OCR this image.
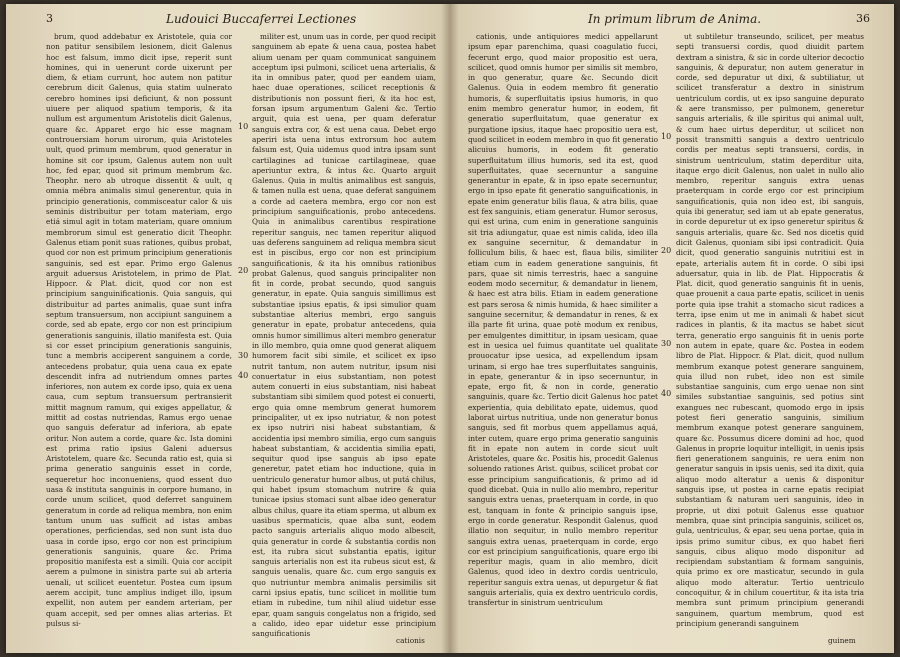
3	Ludouici Buccaferrei Lectiones

brum, quod addebatur ex Aristotele, quia cor non patitur sensibilem lesionem, dicit Galenus hoc est falsum, immo dicit ipse, reperit sunt homines, qui in uenerunt corde uixerunt per diem, & etiam currunt, hoc autem non patitur cerebrum dicit Galenus, quia statim uulnerato cerebro homines ipsi deficiunt, & non possunt uiuere per aliquod spatium temporis, & ita nullum est argumentum Aristotelis dicit Galenus, quare &c. Apparet ergo hic esse magnam controuersiam horum uirorum, quia Aristoteles uult, quod primum membrum, quod generatur in homine sit cor ipsum, Galenus autem non uult hoc, fed epar, quod sit primum membrum &c. Theophr. nero ab utroque dissentit & uult, q omnia mébra animalis simul generentur, quia in principio generationis, commisceatur calor & uis seminis distribuitur per totam materiam, ergo etiá simul agit in totam materiam, quare omnium membrorum simul est generatio dicit Theophr. Galenus etiam ponit suas rationes, quibus probat, quod cor non est primum principium generationis sanguinis, sed est epar. Primo ergo Galenus arguit aduersus Aristotelem, in primo de Plat. Hippocr. & Plat. dicit, quod cor non est principium sanguinificationis. Quia sanguis, qui distribuitur ad partes animalis, quae sunt infra septum transuersum, non accipiunt sanguinem a corde, sed ab epate, ergo cor non est principium generationis sanguinis, illatio manifesta est. Quia si cor esset principium generationis sanguinis, tunc a membris acciperent sanguinem a corde, antecedens probatur, quia uena caua ex epate descendit infra ad nutriendum omnes partes inferiores, non autem ex corde ipso, quia ex uena caua, cum septum transuersum pertransierit mittit magnum ramum, qui exiges appellatur, & mittit ad costas nutriendas, Ramus ergo uenae quo sanguis deferatur ad inferiora, ab epate oritur. Non autem a corde, quare &c. Ista domini est prima ratio ipsius Galeni aduersus Aristotelem, quare &c. Secunda ratio est, quia si prima generatio sanguinis esset in corde, sequeretur hoc inconueniens, quod essent duo uasa & instituta sanguinis in corpore humano, in corde unum scilicet, quod deferret sanguinem generatum in corde ad reliqua membra, non enim tantum unum uas sufficit ad istas ambas operationes, perficiendas, sed non sunt ista duo uasa in corde ipso, ergo cor non est principium generationis sanguinis, quare &c. Prima propositio manifesta est a simili. Quia cor accipit aerem a pulmone in sinistra parte sui ab arteria uenali, ut scilicet euentetur. Postea cum ipsum aerem accipit, tunc amplius indiget illo, ipsum expellit, non autem per eandem arteriam, per quam accepit, sed per omnes alias arterias. Et pulsus si-

10
20
30
40

militer est, unum uas in corde, per quod recipit sanguinem ab epate & uena caua, postea habet alium uenam per quam communicat sanguinem acceptum ipsi pulmoni, scilicet uena arterialis, & ita in omnibus pater, quod per eandem uiam, haec duae operationes, scilicet receptionis & distributionis non possunt fieri, & ita hoc est, forsan ipsum argumentum Galeni &c. Tertio arguit, quia est uena, per quam deferatur sanguis extra cor, & est uena caua. Debet ergo aperiri ista uena intus extrorsum hoc autem falsum est, Quia uidemus quod intra ipsam sunt cartilagines ad tunicae cartilagineae, quae aperiuntur extra, & intus &c. Quarto arguit Galenus. Quia in multis animalibus est sanguis, & tamen nulla est uena, quae deferat sanguinem a corde ad caetera membra, ergo cor non est principium sanguificationis, probo antecedens. Quia in animalibus carentibus respiratione reperitur sanguis, nec tamen reperitur aliquod uas deferens sanguinem ad reliqua membra sicut est in piscibus, ergo cor non est principium sanguificationis, & ita his omnibus rationibus probat Galenus, quod sanguis principaliter non fit in corde, probat secundo, quod sanguis generatur, in epate. Quia sanguis simillimus est substantiae ipsius epatis, & ipsi simulior quam substantiae alterius membri, ergo sanguis generatur in epate, probatur antecedens, quia omnis humor simillimus alteri membro generatur in illo membro, quia omne quod generat aliquem humorem facit sibi simile, et scilicet ex ipso nutrit tantum, non autem nutritur, ipsum nisi conuertatur in eius substantiam, non potest autem conuerti in eius substantiam, nisi habeat substantiam sibi similem quod potest ei conuerti, ergo quia omne membrum generat humorem principaliter, ut ex ipso nutriatur, & non potest ex ipso nutriri nisi habeat substantiam, & accidentia ipsi membro similia, ergo cum sanguis habeat substantiam, & accidentia similia epati, sequitur quod ipse sanguis ab ipso epate generetur, patet etiam hoc inductione, quia in uentriculo generatur humor albus, ut putá chilus, qui habet ipsum stomachum nutrire & quia tunicae ipsius stomaci sunt albae ideo generatur albus chilus, quare ita etiam sperma, ut album ex uasibus spermaticis, quae alba sunt, eodem pacto sanguis arterialis aliquo modo albescit, quia generatur in corde & substantia cordis non est, ita rubra sicut substantia epatis, igitur sanguis arterialis non est ita rubeus sicut est, & sanguis uenalis, quare &c. cum ergo sanguis ex quo nutriuntur membra animalis persimilis sit carni ipsius epatis, tunc scilicet in mollitie tum etiam in rubedine, tum nihil aliud uidetur esse epar, quam sanguis congelatus non a frigido, sed a calido, ideo epar uidetur esse principium sanguificationis

cationis
In primum librum de Anima.	36

cationis, unde antiquiores medici appellarunt ipsum epar parenchima, quasi coagulatio fucci, fecerunt ergo, quod maior propositio est uera, scilicet, quod omnis humor per similis sit membro, in quo generatur, quare &c. Secundo dicit Galenus. Quia in eodem membro fit generatio humoris, & superfluitatis ipsius humoris, in quo enim membro generatur humor, in eodem, fit generatio superfluitatum, quae generatur ex purgatione ipsius, itaque haec propositio uera est, quod scilicet in eodem membro in quo fit generatio alicuius humoris, in eodem fit generatio superfluitatum illius humoris, sed ita est, quod superfluitates, quae secernuntur a sanguine generantur in epate, & in ipso epate secernuntur, ergo in ipso epate fit generatio sanguificationis, in epate enim generatur bilis flaua, & atra bilis, quae est fex sanguinis, etiam generatur. Humor serosus, qui est urina, cum enim in generatione sanguinis sit tria adiungatur, quae est nimis calida, ideo illa ex sanguine secernitur, & demandatur in folliculum bilis, & haec est, flaua bilis, similiter etiam cum in eadem generatione sanguinis, fit pars, quae sit nimis terrestris, haec a sanguine eodem modo secernitur, & demandatur in lienem, & haec est atra bilis. Etiam in eadem generatione est pars serosa & nimis humida, & haec similiter a sanguine secernitur, & demandatur in renes, & ex illa parte fit urina, quae potè modum ex renibus, per emulgentes dimittitur, in ipsam uesicam, quae est in uesica uel fuimus quantitate uel qualitate prouocatur ipse uesica, ad expellendum ipsam urinam, si ergo hae tres superfluitates sanguinis, in epate, generantur & in ipso secernuntur, in epate, ergo fit, & non in corde, generatio sanguinis, quare &c. Tertio dicit Galenus hoc patet experientia, quia debilitato epate, uidemus, quod laborat uirtus nutritiua, unde non generatur bonus sanguis, sed fit morbus quem appellamus aquá, inter cutem, quare ergo prima generatio sanguinis fit in epate non autem in corde sicut uult Aristoteles, quare &c. Positis his, procedit Galenus soluendo rationes Arist. quibus, scilicet probat cor esse principium sanguificationis, & primo ad id quod dicebat. Quia in nullo alio membro, reperitur sanguis extra uenas, praeterquam in corde, in quo est, tanquam in fonte & principio sanguis ipse, ergo in corde generatur. Respondit Galenus, quod illatio non sequitur, in nullo membro reperitur sanguis extra uenas, praeterquam in corde, ergo cor est principium sanguificationis, quare ergo ibi reperitur magis, quam in alio membro, dicit Galenus, quod ideo in dextro cordis uentriculo, reperitur sanguis extra uenas, ut depurgetur & fiat sanguis arterialis, quia ex dextro uentriculo cordis, transfertur in sinistrum uentriculum

10
20
30
40

ut subtiletur transeundo, scilicet, per meatus septi transuersi cordis, quod diuidit partem dextram a sinistra, & sic in corde ulterior decoctio sanguinis, & depuratur, non autem generatur in corde, sed depuratur ut dixi, & subtiliatur, ut scilicet transferatur a dextro in sinistrum uentriculum cordis, ut ex ipso sanguine depurato & aere transmisso, per pulmonem, generetur sanguis arterialis, & ille spiritus qui animal uult, & cum haec uirtus deperditur, ut scilicet non possit transmitti sanguis a dextro uentriculo cordis per meatus septi transuersi, cordis, in sinistrum uentriculum, statim deperditur uita, itaque ergo dicit Galenus, non ualet in nullo alio membro, reperitur sanguis extra uenas praeterquam in corde ergo cor est principium sanguificationis, quia non ideo est, ibi sanguis, quia ibi generatur, sed iam ut ab epate generatus, in corde depuretur ut ex ipso generetur spiritus & sanguis arterialis, quare &c. Sed nos dicetis quid dicit Galenus, quoniam sibi ipsi contradicit. Quia dicit, quod generatio sanguinis nutritiui est in epate, arterialis autem fit in corde. O sibi ipsi aduersatur, quia in lib. de Plat. Hippocratis & Plat. dicit, quod generatio sanguinis fit in uenis, quae prouenit a caua parte epatis, scilicet in uenis porte quia ipse trahit a stomacho sicut radices a terra, ipse enim ut me in animali & habet sicut radices in plantis, & ita mactus se habet sicut terra, generatio ergo sanguinis fit in uenis porte non autem in epate, quare &c. Postea in eodem libro de Plat. Hippocr. & Plat. dicit, quod nullum membrum exanque potest generare sanguinem, quia illud non rubet, ideo non est simile substantiae sanguinis, cum ergo uenae non sint similes substantiae sanguinis, sed potius sint exangues nec rubescant, quomodo ergo in ipsis potest fieri generatio sanguinis, similium membrum exanque potest generare sanguinem, quare &c. Possumus dicere domini ad hoc, quod Galenus in proprie loquitur intelligit, in uenis ipsis fieri generationem sanguinis, re uera enim non generatur sanguis in ipsis uenis, sed ita dixit, quia aliquo modo alteratur a uenis & disponitur sanguis ipse, ut postea in carne epatis recipiat substantiam & naturam ueri sanguinis, ideo in proprie, ut dixi potuit Galenus esse quatuor membra, quae sint principia sanguinis, scilicet os, gula, uentriculus, & epar, seu uena portae, quia in ipsis primo sumitur cibus, ex quo habet fieri sanguis, cibus aliquo modo disponitur ad recipiendam substantiam & formam sanguinis, quia primo ex ore masticatur, secundo in gula aliquo modo alteratur. Tertio uentriculo concoquitur, & in chilum couertitur, & ita ista tria membra sunt primum principium generandi sanguinem, quartum membrum, quod est principium generandi sanguinem

guinem
